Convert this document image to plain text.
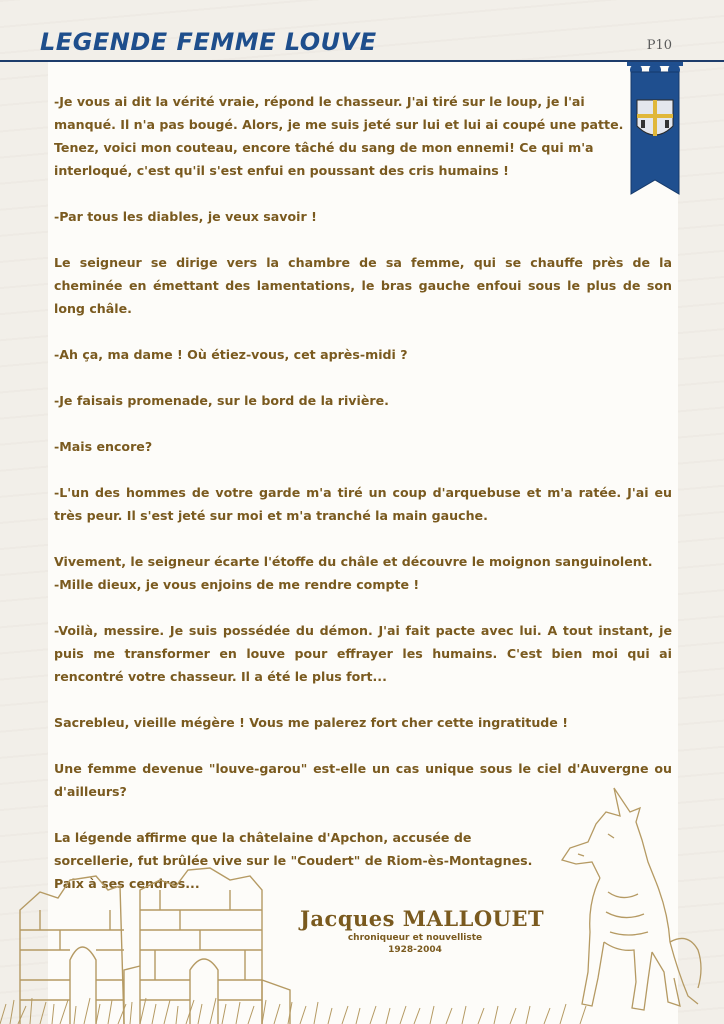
LEGENDE FEMME LOUVE	P10

-Je vous ai dit la vérité vraie, répond le chasseur. J'ai tiré sur le loup, je l'ai manqué. Il n'a pas bougé. Alors, je me suis jeté sur lui et lui ai coupé une patte. Tenez, voici mon couteau, encore tâché du sang de mon ennemi! Ce qui m'a interloqué, c'est qu'il s'est enfui en poussant des cris humains !

-Par tous les diables, je veux savoir !

Le seigneur se dirige vers la chambre de sa femme, qui se chauffe près de la cheminée en émettant des lamentations, le bras gauche enfoui sous le plus de son long châle.

-Ah ça, ma dame ! Où étiez-vous, cet après-midi ?

-Je faisais promenade, sur le bord de la rivière.

-Mais encore?

-L'un des hommes de votre garde m'a tiré un coup d'arquebuse et m'a ratée. J'ai eu très peur. Il s'est jeté sur moi et m'a tranché la main gauche.

Vivement, le seigneur écarte l'étoffe du châle et découvre le moignon sanguinolent.

-Mille dieux, je vous enjoins de me rendre compte !

-Voilà, messire. Je suis possédée du démon. J'ai fait pacte avec lui. A tout instant, je puis me transformer en louve pour effrayer les humains. C'est bien moi qui ai rencontré votre chasseur. Il a été le plus fort...

Sacrebleu, vieille mégère ! Vous me palerez fort cher cette ingratitude !

Une femme devenue "louve-garou" est-elle un cas unique sous le ciel d'Auvergne ou d'ailleurs?

La légende affirme que la châtelaine d'Apchon, accusée de sorcellerie, fut brûlée vive sur le "Coudert" de Riom-ès-Montagnes. Paix à ses cendres...

Jacques MALLOUET
chroniqueur et nouvelliste
1928-2004
